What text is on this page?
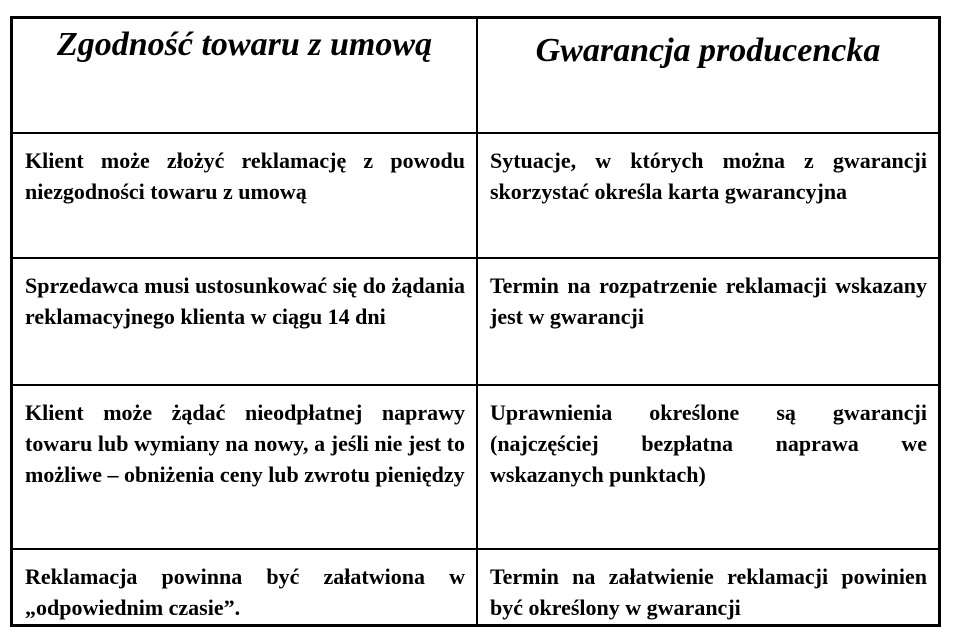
Zgodność towaru z umową	Gwarancja producencka
Klient może złożyć reklamację z powodu niezgodności towaru z umową
Sytuacje, w których można z gwarancji skorzystać określa karta gwarancyjna
Sprzedawca musi ustosunkować się do żądania reklamacyjnego klienta w ciągu 14 dni
Termin na rozpatrzenie reklamacji wskazany jest w gwarancji
Klient może żądać nieodpłatnej naprawy towaru lub wymiany na nowy, a jeśli nie jest to możliwe – obniżenia ceny lub zwrotu pieniędzy
Uprawnienia określone są gwarancji (najczęściej bezpłatna naprawa we wskazanych punktach)
Reklamacja powinna być załatwiona w „odpowiednim czasie”.
Termin na załatwienie reklamacji powinien być określony w gwarancji
